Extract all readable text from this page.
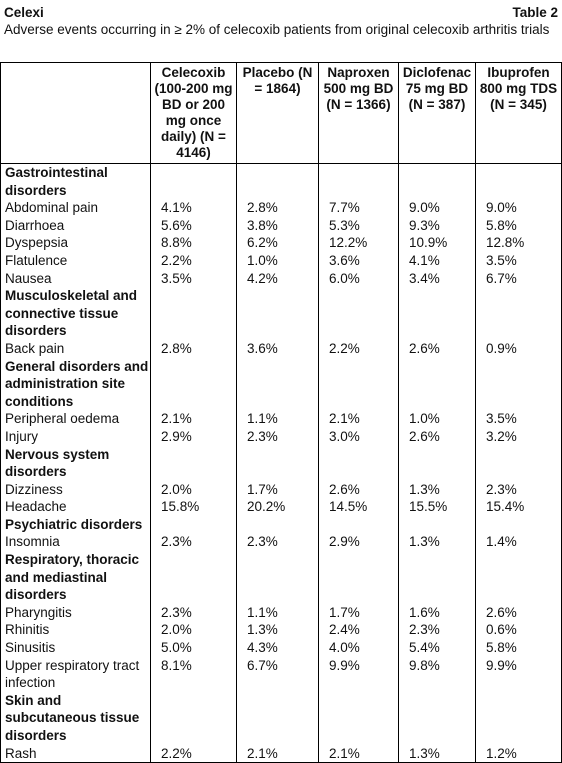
Celexi	Table 2
Adverse events occurring in ≥ 2% of celecoxib patients from original celecoxib arthritis trials
	Celecoxib (100-200 mg BD or 200 mg once daily) (N = 4146)	Placebo (N = 1864)	Naproxen 500 mg BD (N = 1366)	Diclofenac 75 mg BD (N = 387)	Ibuprofen 800 mg TDS (N = 345)
Gastrointestinal disorders					
Abdominal pain	4.1%	2.8%	7.7%	9.0%	9.0%
Diarrhoea	5.6%	3.8%	5.3%	9.3%	5.8%
Dyspepsia	8.8%	6.2%	12.2%	10.9%	12.8%
Flatulence	2.2%	1.0%	3.6%	4.1%	3.5%
Nausea	3.5%	4.2%	6.0%	3.4%	6.7%
Musculoskeletal and connective tissue disorders					
Back pain	2.8%	3.6%	2.2%	2.6%	0.9%
General disorders and administration site conditions					
Peripheral oedema	2.1%	1.1%	2.1%	1.0%	3.5%
Injury	2.9%	2.3%	3.0%	2.6%	3.2%
Nervous system disorders					
Dizziness	2.0%	1.7%	2.6%	1.3%	2.3%
Headache	15.8%	20.2%	14.5%	15.5%	15.4%
Psychiatric disorders					
Insomnia	2.3%	2.3%	2.9%	1.3%	1.4%
Respiratory, thoracic and mediastinal disorders					
Pharyngitis	2.3%	1.1%	1.7%	1.6%	2.6%
Rhinitis	2.0%	1.3%	2.4%	2.3%	0.6%
Sinusitis	5.0%	4.3%	4.0%	5.4%	5.8%
Upper respiratory tract infection	8.1%	6.7%	9.9%	9.8%	9.9%
Skin and subcutaneous tissue disorders					
Rash	2.2%	2.1%	2.1%	1.3%	1.2%
